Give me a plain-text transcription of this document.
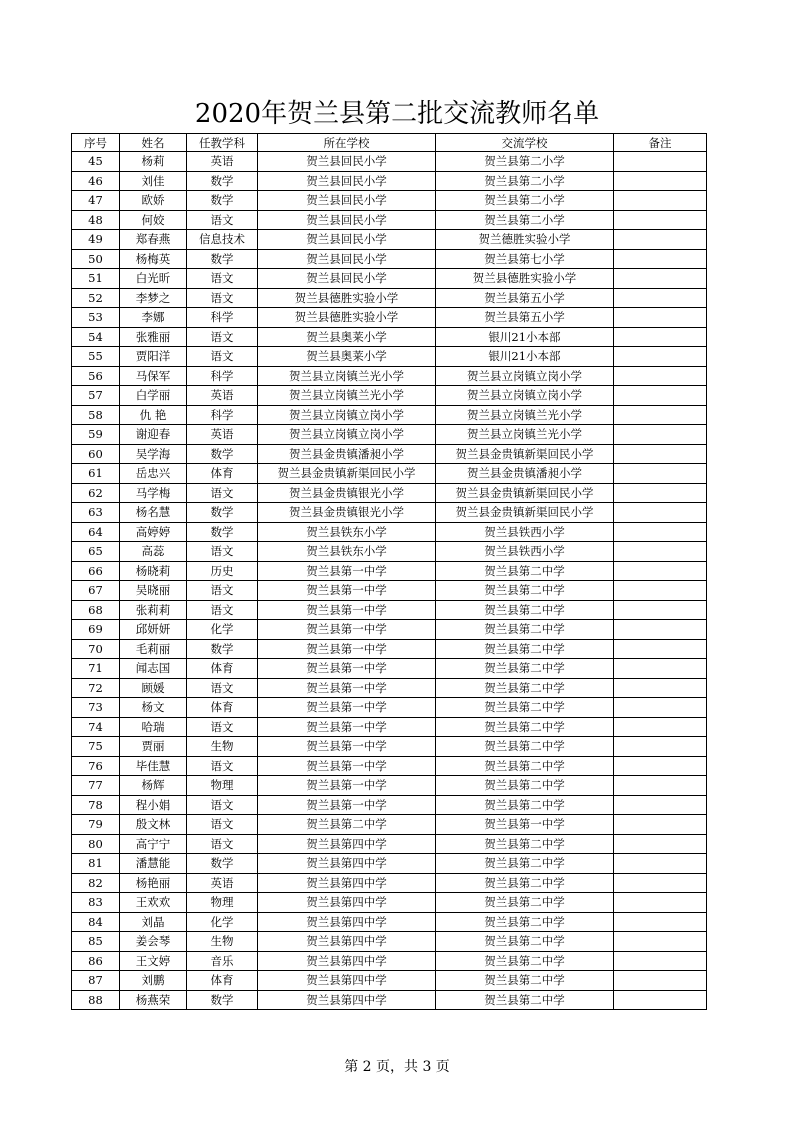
2020年贺兰县第二批交流教师名单
序号	姓名	任教学科	所在学校	交流学校	备注
45	杨莉	英语	贺兰县回民小学	贺兰县第二小学	
46	刘佳	数学	贺兰县回民小学	贺兰县第二小学	
47	欧娇	数学	贺兰县回民小学	贺兰县第二小学	
48	何姣	语文	贺兰县回民小学	贺兰县第二小学	
49	郑春燕	信息技术	贺兰县回民小学	贺兰德胜实验小学	
50	杨梅英	数学	贺兰县回民小学	贺兰县第七小学	
51	白光昕	语文	贺兰县回民小学	贺兰县德胜实验小学	
52	李梦之	语文	贺兰县德胜实验小学	贺兰县第五小学	
53	李娜	科学	贺兰县德胜实验小学	贺兰县第五小学	
54	张雅丽	语文	贺兰县奥莱小学	银川21小本部	
55	贾阳洋	语文	贺兰县奥莱小学	银川21小本部	
56	马保军	科学	贺兰县立岗镇兰光小学	贺兰县立岗镇立岗小学	
57	白学丽	英语	贺兰县立岗镇兰光小学	贺兰县立岗镇立岗小学	
58	仇 艳	科学	贺兰县立岗镇立岗小学	贺兰县立岗镇兰光小学	
59	谢迎春	英语	贺兰县立岗镇立岗小学	贺兰县立岗镇兰光小学	
60	吴学海	数学	贺兰县金贵镇潘昶小学	贺兰县金贵镇新渠回民小学	
61	岳忠兴	体育	贺兰县金贵镇新渠回民小学	贺兰县金贵镇潘昶小学	
62	马学梅	语文	贺兰县金贵镇银光小学	贺兰县金贵镇新渠回民小学	
63	杨名慧	数学	贺兰县金贵镇银光小学	贺兰县金贵镇新渠回民小学	
64	高婷婷	数学	贺兰县铁东小学	贺兰县铁西小学	
65	高蕊	语文	贺兰县铁东小学	贺兰县铁西小学	
66	杨晓莉	历史	贺兰县第一中学	贺兰县第二中学	
67	吴晓丽	语文	贺兰县第一中学	贺兰县第二中学	
68	张莉莉	语文	贺兰县第一中学	贺兰县第二中学	
69	邱妍妍	化学	贺兰县第一中学	贺兰县第二中学	
70	毛莉丽	数学	贺兰县第一中学	贺兰县第二中学	
71	闻志国	体育	贺兰县第一中学	贺兰县第二中学	
72	顾媛	语文	贺兰县第一中学	贺兰县第二中学	
73	杨文	体育	贺兰县第一中学	贺兰县第二中学	
74	哈瑞	语文	贺兰县第一中学	贺兰县第二中学	
75	贾丽	生物	贺兰县第一中学	贺兰县第二中学	
76	毕佳慧	语文	贺兰县第一中学	贺兰县第二中学	
77	杨辉	物理	贺兰县第一中学	贺兰县第二中学	
78	程小娟	语文	贺兰县第一中学	贺兰县第二中学	
79	殷文林	语文	贺兰县第二中学	贺兰县第一中学	
80	高宁宁	语文	贺兰县第四中学	贺兰县第二中学	
81	潘慧能	数学	贺兰县第四中学	贺兰县第二中学	
82	杨艳丽	英语	贺兰县第四中学	贺兰县第二中学	
83	王欢欢	物理	贺兰县第四中学	贺兰县第二中学	
84	刘晶	化学	贺兰县第四中学	贺兰县第二中学	
85	姜会琴	生物	贺兰县第四中学	贺兰县第二中学	
86	王文婷	音乐	贺兰县第四中学	贺兰县第二中学	
87	刘鹏	体育	贺兰县第四中学	贺兰县第二中学	
88	杨燕荣	数学	贺兰县第四中学	贺兰县第二中学	
第 2 页，共 3 页
